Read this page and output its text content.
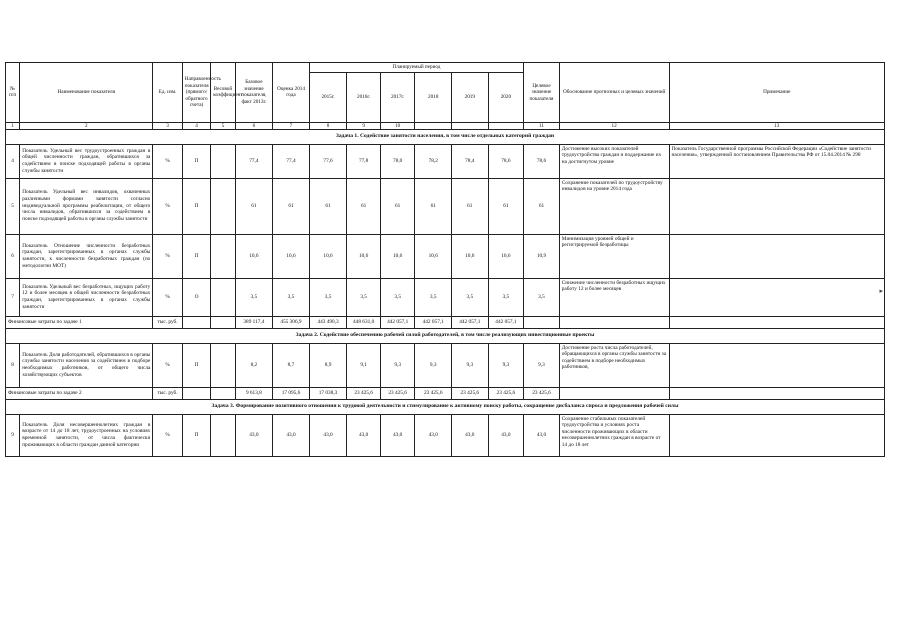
№ п/п	Наименование показателя	Ед. изм.	Направленность показателя (прямого/обратного счета)	Весовой коэффициент	Базовое значение показателя, факт 2013г.	Оценка 2014 года	Планируемый период						Целевое значение показателя	Обоснование прогнозных и целевых значений	Примечание
							2015г.	2016г.	2017г.	2018	2019	2020			
1	2	3	4	5	6	7	8	9	10				11	12	13
Задача 1. Содействие занятости населения, в том числе отдельных категорий граждан															
4	Показатель Удельный вес трудоустроенных граждан в общей численности граждан, обратившихся за содействием в поиске подходящей работы в органы службы занятости	%	П		77,4	77,4	77,6	77,8	78,0	78,2	78,4	78,6	78,6	Достижение высоких показателей трудоустройства граждан и поддержание их на достигнутом уровне	Показатель Государственной программы Российской Федерации «Содействие занятости населения», утвержденной постановлением Правительства РФ от 15.04.2014 № 298
5	Показатель Удельный вес инвалидов, охваченных различными формами занятости согласно индивидуальной программы реабилитации, от общего числа инвалидов, обратившихся за содействием в поиске подходящей работы в органы службы занятости	%	П		61	61	61	61	61	61	61	61	61	Сохранение показателей по трудоустройству инвалидов на уровне 2014 года	
6	Показатель Отношение численности безработных граждан, зарегистрированных в органах службы занятости, к численности безработных граждан (по методологии МОТ)	%	П		10,6	10,6	10,6	10,6	10,6	10,6	10,6	10,6	10,9	Минимизация уровней общей и регистрируемой безработицы	
7	Показатель Удельный вес безработных, ищущих работу 12 и более месяцев в общей численности безработных граждан, зарегистрированных в органах службы занятости	%	О		3,5	3,5	3,5	3,5	3,5	3,5	3,5	3,5	3,5	Снижение численности безработных ищущих работу 12 и более месяцев	
Финансовые затраты по задаче 1		тыс. руб.			389 117,4	455 306,9	443 490,3	448 631,0	442 057,1	442 057,1	442 057,1	442 057,1			
Задача 2. Содействие обеспечению рабочей силой работодателей, в том числе реализующих инвестиционные проекты															
8	Показатель Доля работодателей, обратившихся в органы службы занятости населения за содействием в подборе необходимых работников, от общего числа хозяйствующих субъектов	%	П		8,2	8,7	8,9	9,1	9,3	9,3	9,3	9,3	9,3	Достижение роста числа работодателей, обращающихся в органы службы занятости за содействием в подборе необходимых работников,	
Финансовые затраты по задаче 2		тыс. руб.			9 613,8	17 095,6	17 038,3	23 425,6	23 425,6	23 425,6	23 425,6	23 425,6	23 425,6		
Задача 3. Формирование позитивного отношения к трудовой деятельности и стимулирование к активному поиску работы, сокращение дисбаланса спроса и предложения рабочей силы															
9	Показатель Доля несовершеннолетних граждан в возрасте от 14 до 18 лет, трудоустроенных на условиях временной занятости, от числа фактически проживающих в области граждан данной категории	%	П		43,0	43,0	43,0	43,0	43,0	43,0	43,0	43,0	43,0	Сохранение стабильных показателей трудоустройства и условиях роста численности проживающих в области несовершеннолетних граждан в возрасте от 14 до 18 лет	
▸
